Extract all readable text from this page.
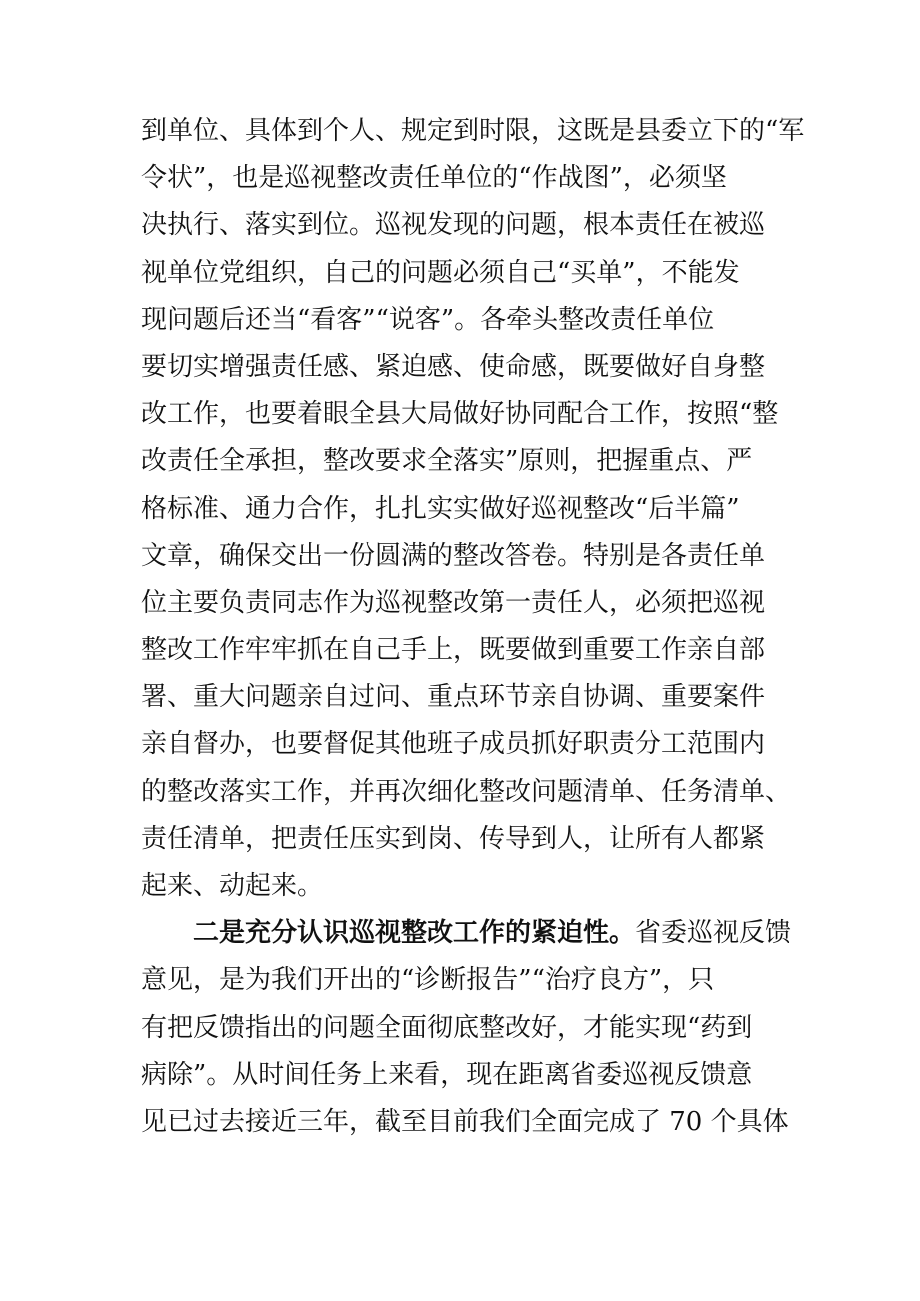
到单位、具体到个人、规定到时限，这既是县委立下的“军
令状”，也是巡视整改责任单位的“作战图”，必须坚
决执行、落实到位。巡视发现的问题，根本责任在被巡
视单位党组织，自己的问题必须自己“买单”，不能发
现问题后还当“看客”“说客”。各牵头整改责任单位
要切实增强责任感、紧迫感、使命感，既要做好自身整
改工作，也要着眼全县大局做好协同配合工作，按照“整
改责任全承担，整改要求全落实”原则，把握重点、严
格标准、通力合作，扎扎实实做好巡视整改“后半篇”
文章，确保交出一份圆满的整改答卷。特别是各责任单
位主要负责同志作为巡视整改第一责任人，必须把巡视
整改工作牢牢抓在自己手上，既要做到重要工作亲自部
署、重大问题亲自过问、重点环节亲自协调、重要案件
亲自督办，也要督促其他班子成员抓好职责分工范围内
的整改落实工作，并再次细化整改问题清单、任务清单、
责任清单，把责任压实到岗、传导到人，让所有人都紧
起来、动起来。
二是充分认识巡视整改工作的紧迫性。省委巡视反馈
意见，是为我们开出的“诊断报告”“治疗良方”，只
有把反馈指出的问题全面彻底整改好，才能实现“药到
病除”。从时间任务上来看，现在距离省委巡视反馈意
见已过去接近三年，截至目前我们全面完成了 70 个具体
